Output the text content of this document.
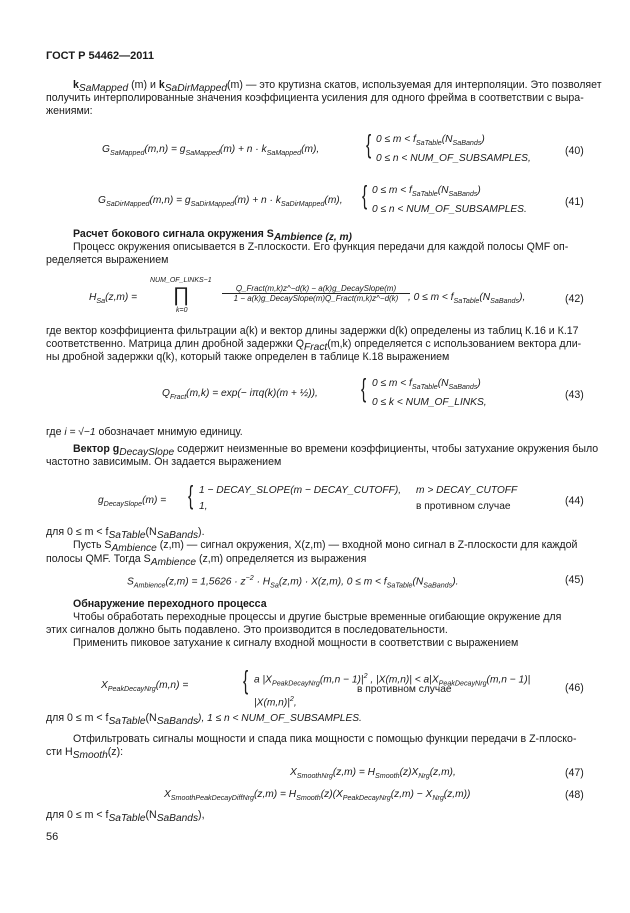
ГОСТ Р 54462—2011
$k_{SaMapped}$ (m) и $k_{SaDirMapped}(m)$ — это крутизна скатов, используемая для интерполяции. Это позволяет
получить интерполированные значения коэффициента усиления для одного фрейма в соответствии с выра-
жениями:
$G_{SaMapped}(m,n) = g_{SaMapped}(m) + n \cdot k_{SaMapped}(m)$, { $0 \le m < f_{SaTable}(N_{SaBands})$
0 ≤ n < NUM_OF_SUBSAMPLES,
(40)
$G_{SaDirMapped}(m,n) = g_{SaDirMapped}(m) + n \cdot k_{SaDirMapped}(m)$, { $0 \le m < f_{SaTable}(N_{SaBands})$
0 ≤ n < NUM_OF_SUBSAMPLES.
(41)
Расчет бокового сигнала окружения $S_{Ambience (z, m)}$
Процесс окружения описывается в Z-плоскости. Его функция передачи для каждой полосы QMF оп-
ределяется выражением
$H_{Sa}(z,m)$ =
NUM_OF_LINKS−1
∏
k=0
Q_Fract(m,k)z^−d(k) − a(k)g_DecaySlope(m)
1 − a(k)g_DecaySlope(m)Q_Fract(m,k)z^−d(k) , $0 \le m < f_{SaTable}(N_{SaBands})$,	(42)
где вектор коэффициента фильтрации a(k) и вектор длины задержки d(k) определены из таблиц К.16 и К.17
соответственно. Матрица длин дробной задержки $Q_{Fract}(m,k)$ определяется с использованием вектора дли-
ны дробной задержки q(k), который также определен в таблице К.18 выражением
$Q_{Fract}(m,k) = \exp(- i\pi q(k)(m$ + ½)), { $0 \le m < f_{SaTable}(N_{SaBands})$
0 ≤ k < NUM_OF_LINKS,
(43)
где i = √−1 обозначает мнимую единицу.
Вектор $g_{DecaySlope}$ содержит неизменные во времени коэффициенты, чтобы затухание окружения было
частотно зависимым. Он задается выражением
$g_{DecaySlope}(m)$ = { 1 − DECAY_SLOPE(m − DECAY_CUTOFF),
1,
m > DECAY_CUTOFF
в противном случае	(44)
для $0 \le m < f_{SaTable}(N_{SaBands})$.
Пусть $S_{Ambience}$ (z,m) — сигнал окружения, X(z,m) — входной моно сигнал в Z-плоскости для каждой
полосы QMF. Тогда $S_{Ambience}$ (z,m) определяется из выражения
$S_{Ambience}(z,m) = 1,5626 \cdot z^{-2} \cdot H_{Sa}(z,m) \cdot X(z,m)$, $0 \le m < f_{SaTable}(N_{SaBands})$.	(45)
Обнаружение переходного процесса
Чтобы обработать переходные процессы и другие быстрые временные огибающие окружение для
этих сигналов должно быть подавлено. Это производится в последовательности.
Применить пиковое затухание к сигналу входной мощности в соответствии с выражением
$X_{PeakDecayNrg}(m,n)$ = { a $|X_{PeakDecayNrg}(m,n - 1)|^2$ , $|X(m,n)| < a|X_{PeakDecayNrg}(m,n - 1)|$
$|X(m,n)|^2$,
в противном случае	(46)
для $0 \le m < f_{SaTable}(N_{SaBands})$, 1 ≤ n < NUM_OF_SUBSAMPLES.
Отфильтровать сигналы мощности и спада пика мощности с помощью функции передачи в Z-плоско-
сти $H_{Smooth}(z)$:
$X_{SmoothNrg}(z,m) = H_{Smooth}(z)X_{Nrg}(z,m)$,	(47)
$X_{SmoothPeakDecayDiffNrg}(z,m) = H_{Smooth}(z)(X_{PeakDecayNrg}(z,m) - X_{Nrg}(z,m))$	(48)
для $0 \le m < f_{SaTable}(N_{SaBands})$,
56
